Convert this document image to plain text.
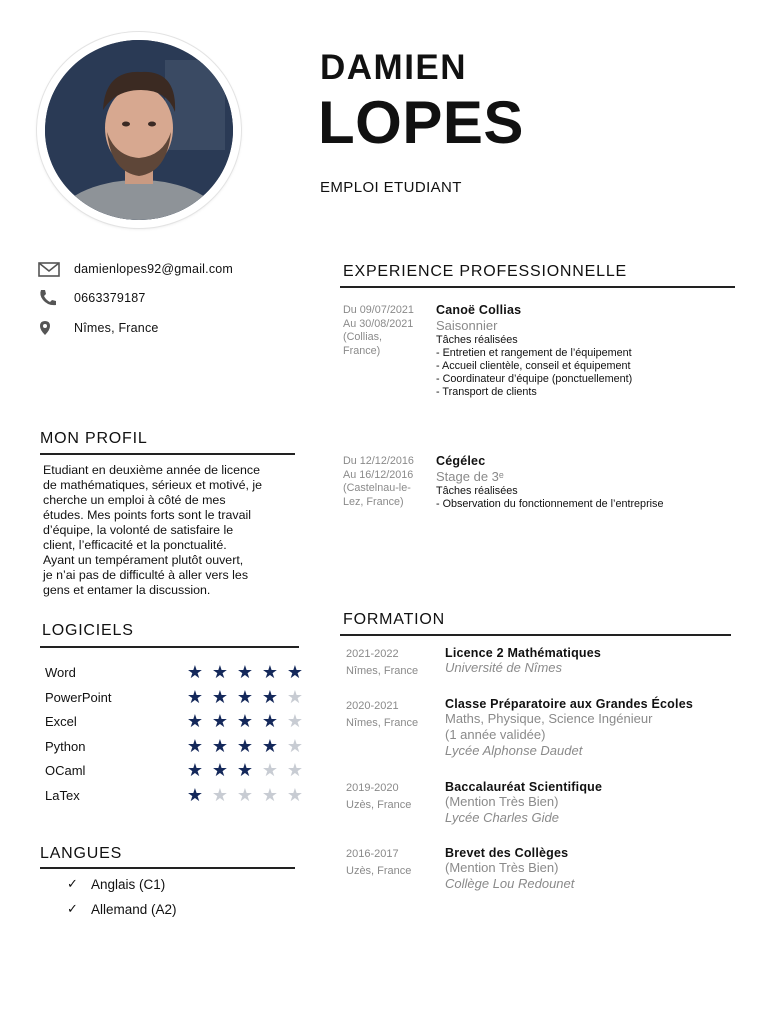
DAMIEN
LOPES
EMPLOI ETUDIANT
damienlopes92@gmail.com
0663379187
Nîmes, France
MON PROFIL
Etudiant en deuxième année de licence
de mathématiques, sérieux et motivé, je
cherche un emploi à côté de mes
études. Mes points forts sont le travail
d’équipe, la volonté de satisfaire le
client, l’efficacité et la ponctualité.
Ayant un tempérament plutôt ouvert,
je n’ai pas de difficulté à aller vers les
gens et entamer la discussion.
LOGICIELS
Word	★ ★ ★ ★ ★
PowerPoint	★ ★ ★ ★ ★
Excel	★ ★ ★ ★ ★
Python	★ ★ ★ ★ ★
OCaml	★ ★ ★ ★ ★
LaTex	★ ★ ★ ★ ★
LANGUES
✓ Anglais (C1)
✓ Allemand (A2)
EXPERIENCE PROFESSIONNELLE
Du 09/07/2021
Au 30/08/2021
(Collias,
France)
Canoë Collias
Saisonnier
Tâches réalisées
- Entretien et rangement de l’équipement
- Accueil clientèle, conseil et équipement
- Coordinateur d’équipe (ponctuellement)
- Transport de clients
Du 12/12/2016
Au 16/12/2016
(Castelnau-le-
Lez, France)
Cégélec
Stage de 3ᵉ
Tâches réalisées
- Observation du fonctionnement de l’entreprise
FORMATION
2021-2022
Nîmes, France
Licence 2 Mathématiques
Université de Nîmes
2020-2021
Nîmes, France
Classe Préparatoire aux Grandes Écoles
Maths, Physique, Science Ingénieur
(1 année validée)
Lycée Alphonse Daudet
2019-2020
Uzès, France
Baccalauréat Scientifique
(Mention Très Bien)
Lycée Charles Gide
2016-2017
Uzès, France
Brevet des Collèges
(Mention Très Bien)
Collège Lou Redounet
